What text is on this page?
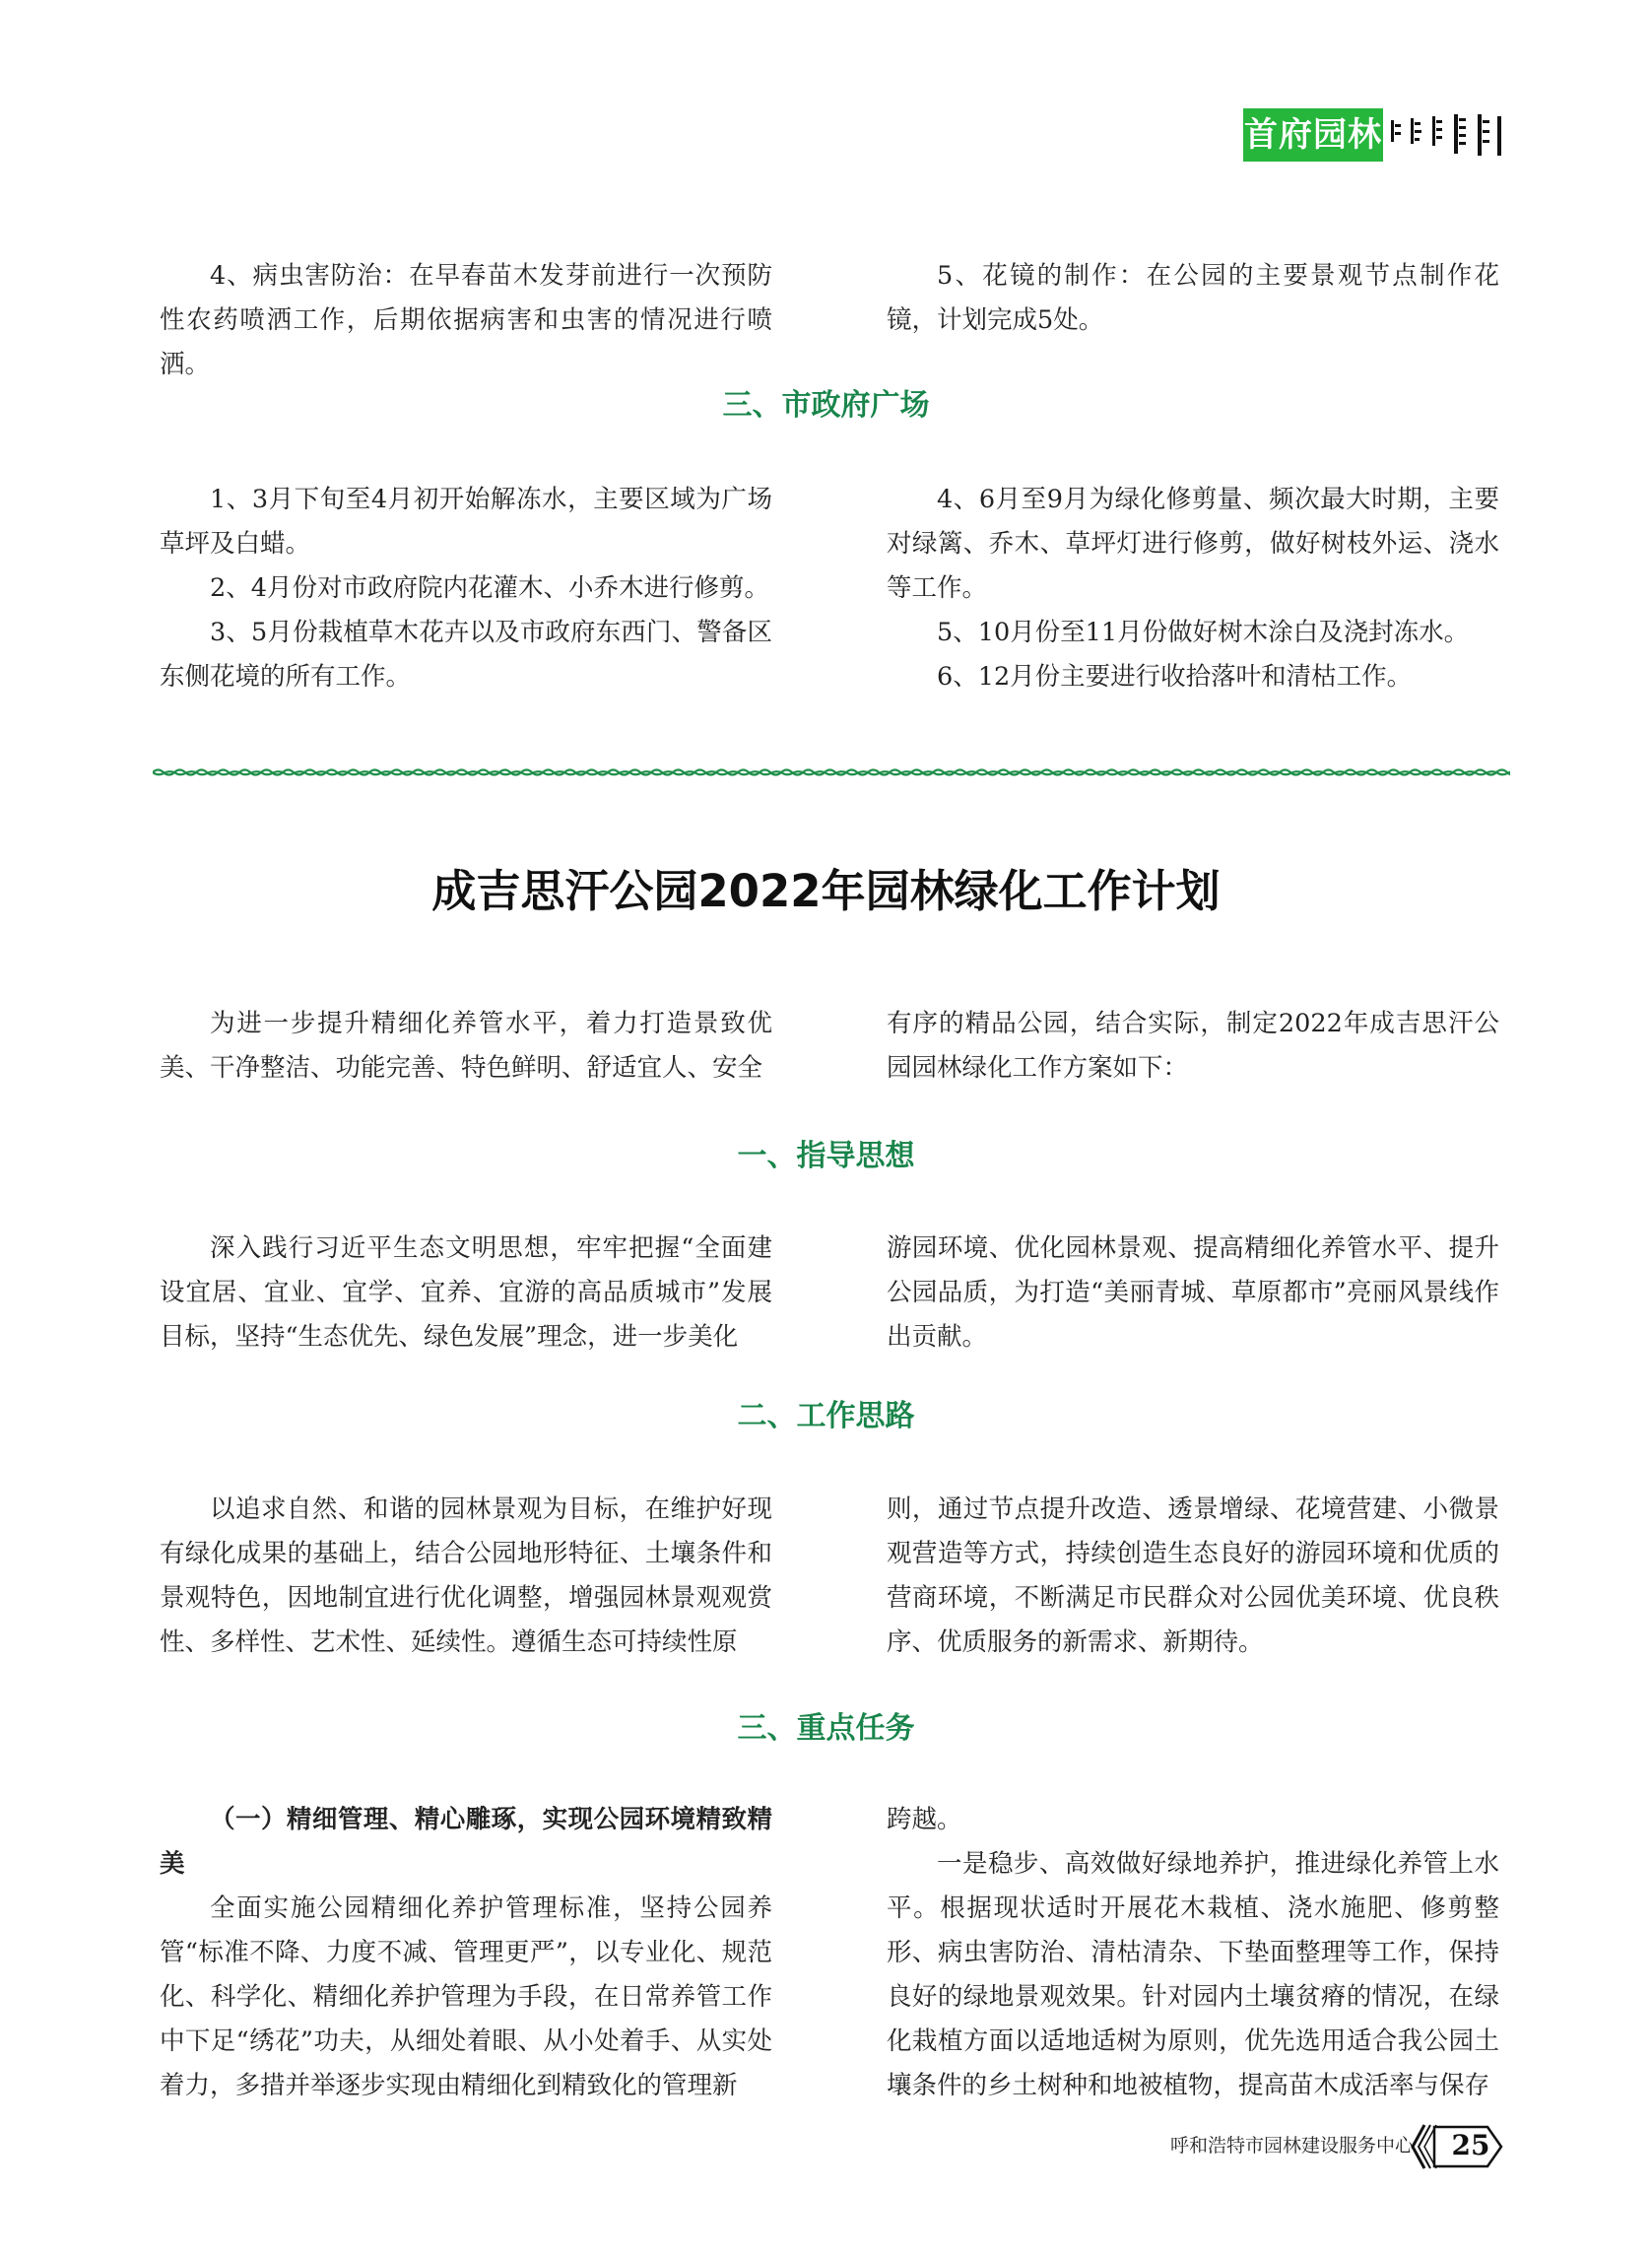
首府园林

4、病虫害防治：在早春苗木发芽前进行一次预防性农药喷洒工作，后期依据病害和虫害的情况进行喷洒。

5、花镜的制作：在公园的主要景观节点制作花镜，计划完成5处。

三、市政府广场

1、3月下旬至4月初开始解冻水，主要区域为广场草坪及白蜡。

2、4月份对市政府院内花灌木、小乔木进行修剪。

3、5月份栽植草木花卉以及市政府东西门、警备区东侧花境的所有工作。

4、6月至9月为绿化修剪量、频次最大时期，主要对绿篱、乔木、草坪灯进行修剪，做好树枝外运、浇水等工作。

5、10月份至11月份做好树木涂白及浇封冻水。

6、12月份主要进行收拾落叶和清枯工作。

成吉思汗公园2022年园林绿化工作计划

为进一步提升精细化养管水平，着力打造景致优美、干净整洁、功能完善、特色鲜明、舒适宜人、安全

有序的精品公园，结合实际，制定2022年成吉思汗公园园林绿化工作方案如下：

一、指导思想

深入践行习近平生态文明思想，牢牢把握“全面建设宜居、宜业、宜学、宜养、宜游的高品质城市”发展目标，坚持“生态优先、绿色发展”理念，进一步美化

游园环境、优化园林景观、提高精细化养管水平、提升公园品质，为打造“美丽青城、草原都市”亮丽风景线作出贡献。

二、工作思路

以追求自然、和谐的园林景观为目标，在维护好现有绿化成果的基础上，结合公园地形特征、土壤条件和景观特色，因地制宜进行优化调整，增强园林景观观赏性、多样性、艺术性、延续性。遵循生态可持续性原

则，通过节点提升改造、透景增绿、花境营建、小微景观营造等方式，持续创造生态良好的游园环境和优质的营商环境，不断满足市民群众对公园优美环境、优良秩序、优质服务的新需求、新期待。

三、重点任务

（一）精细管理、精心雕琢，实现公园环境精致精美

全面实施公园精细化养护管理标准，坚持公园养管“标准不降、力度不减、管理更严”，以专业化、规范化、科学化、精细化养护管理为手段，在日常养管工作中下足“绣花”功夫，从细处着眼、从小处着手、从实处着力，多措并举逐步实现由精细化到精致化的管理新

跨越。

一是稳步、高效做好绿地养护，推进绿化养管上水平。根据现状适时开展花木栽植、浇水施肥、修剪整形、病虫害防治、清枯清杂、下垫面整理等工作，保持良好的绿地景观效果。针对园内土壤贫瘠的情况，在绿化栽植方面以适地适树为原则，优先选用适合我公园土壤条件的乡土树种和地被植物，提高苗木成活率与保存

呼和浩特市园林建设服务中心	25
